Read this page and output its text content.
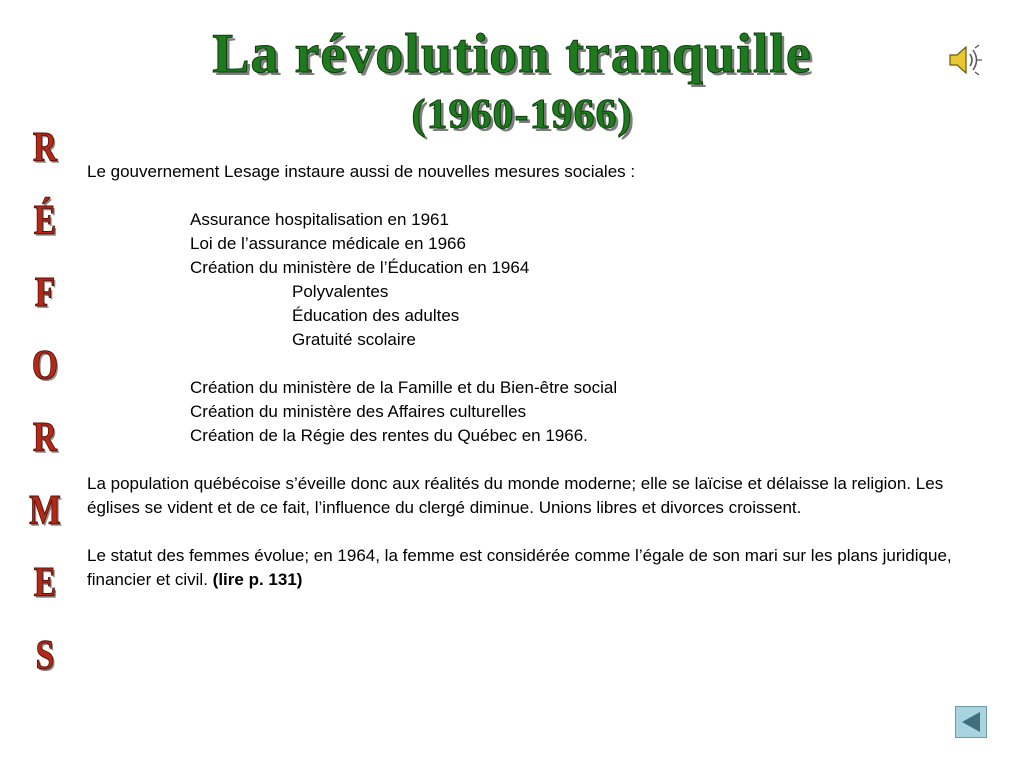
La révolution tranquille
(1960-1966)
R
É
F
O
R
M
E
S

Le gouvernement Lesage instaure aussi de nouvelles mesures sociales :

Assurance hospitalisation en 1961

Loi de l’assurance médicale en 1966

Création du ministère de l’Éducation en 1964

Polyvalentes

Éducation des adultes

Gratuité scolaire

Création du ministère de la Famille et du Bien-être social

Création du ministère des Affaires culturelles

Création de la Régie des rentes du Québec en 1966.

La population québécoise s’éveille donc aux réalités du monde moderne; elle se laïcise et délaisse la religion. Les églises se vident et de ce fait, l’influence du clergé diminue. Unions libres et divorces croissent.

Le statut des femmes évolue; en 1964, la femme est considérée comme l’égale de son mari sur les plans juridique, financier et civil. (lire p. 131)
